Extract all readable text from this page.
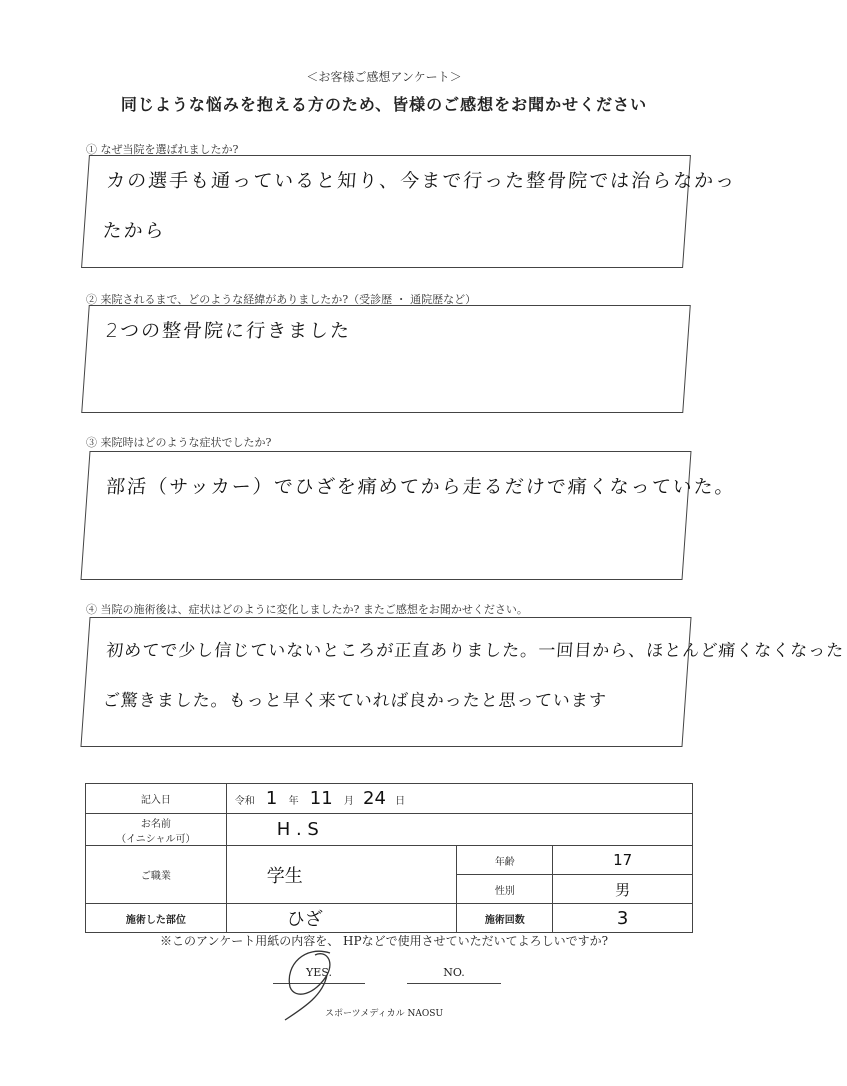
＜お客様ご感想アンケート＞
同じような悩みを抱える方のため、皆様のご感想をお聞かせください
① なぜ当院を選ばれましたか?
カの選手も通っていると知り、今まで行った整骨院では治らなかっ
たから
② 来院されるまで、どのような経緯がありましたか?（受診歴 ・ 通院歴など）
2つの整骨院に行きました
③ 来院時はどのような症状でしたか?
部活（サッカー）でひざを痛めてから走るだけで痛くなっていた。
④ 当院の施術後は、症状はどのように変化しましたか? またご感想をお聞かせください。
初めてで少し信じていないところが正直ありました。一回目から、ほとんど痛くなくなった
ご驚きました。もっと早く来ていれば良かったと思っています
記入日	令和 1 年 11 月 24 日		

お名前
（イニシャル可）	H . S		
ご職業	学生	年齢	17
		性別	男
施術した部位	ひざ	施術回数	3
※このアンケート用紙の内容を、 HPなどで使用させていただいてよろしいですか?
YES.	NO.
スポーツメディカル NAOSU
